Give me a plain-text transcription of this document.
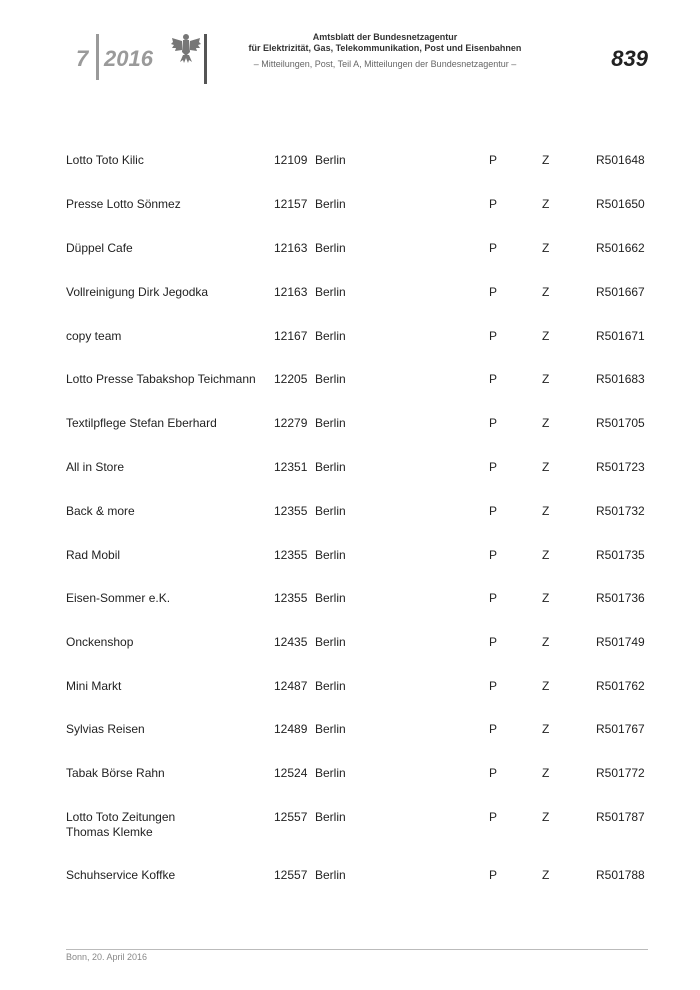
7 2016
Amtsblatt der Bundesnetzagentur
für Elektrizität, Gas, Telekommunikation, Post und Eisenbahnen
– Mitteilungen, Post, Teil A, Mitteilungen der Bundesnetzagentur –	839
Lotto Toto Kilic	12109 Berlin	P	Z	R501648
Presse Lotto Sönmez	12157 Berlin	P	Z	R501650
Düppel Cafe	12163 Berlin	P	Z	R501662
Vollreinigung Dirk Jegodka	12163 Berlin	P	Z	R501667
copy team	12167 Berlin	P	Z	R501671
Lotto Presse Tabakshop Teichmann	12205 Berlin	P	Z	R501683
Textilpflege Stefan Eberhard	12279 Berlin	P	Z	R501705
All in Store	12351 Berlin	P	Z	R501723
Back & more	12355 Berlin	P	Z	R501732
Rad Mobil	12355 Berlin	P	Z	R501735
Eisen-Sommer e.K.	12355 Berlin	P	Z	R501736
Onckenshop	12435 Berlin	P	Z	R501749
Mini Markt	12487 Berlin	P	Z	R501762
Sylvias Reisen	12489 Berlin	P	Z	R501767
Tabak Börse Rahn	12524 Berlin	P	Z	R501772
Lotto Toto Zeitungen
Thomas Klemke
12557 Berlin	P	Z	R501787
Schuhservice Koffke	12557 Berlin	P	Z	R501788
Bonn, 20. April 2016
